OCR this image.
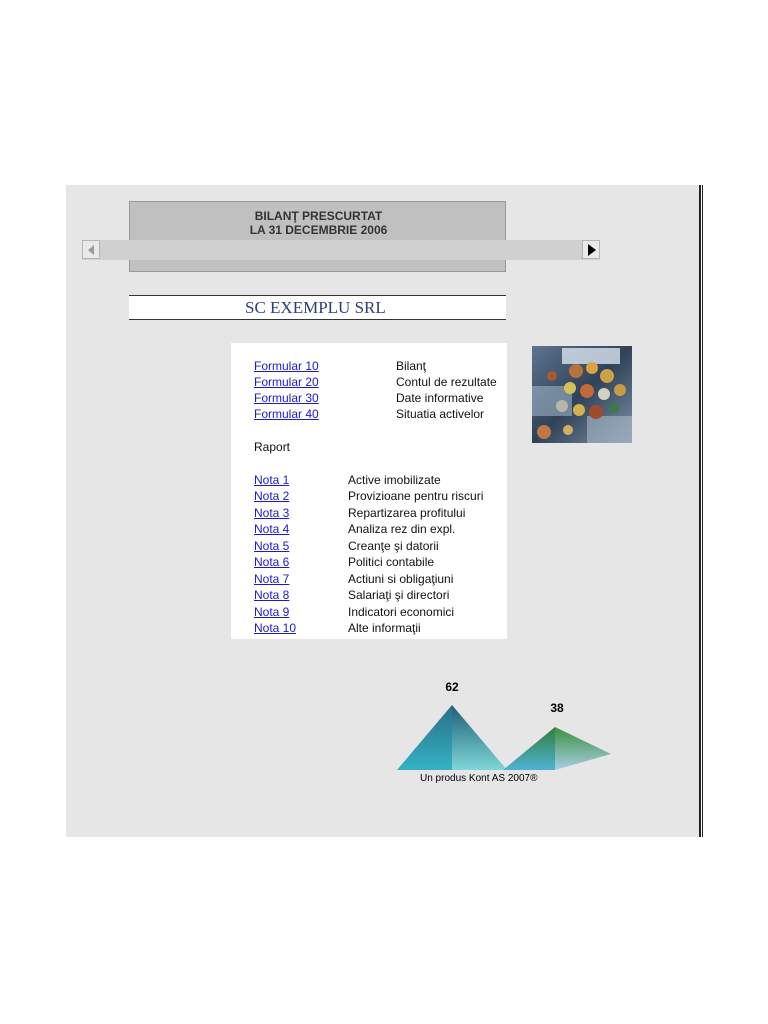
BILANŢ PRESCURTAT
LA 31 DECEMBRIE 2006
SC EXEMPLU SRL
Formular 10	Bilanţ
Formular 20	Contul de rezultate
Formular 30	Date informative
Formular 40	Situatia activelor
Raport
Nota 1	Active imobilizate
Nota 2	Provizioane pentru riscuri
Nota 3	Repartizarea profitului
Nota 4	Analiza rez din expl.
Nota 5	Creanţe şi datorii
Nota 6	Politici contabile
Nota 7	Actiuni si obligaţiuni
Nota 8	Salariaţi şi directori
Nota 9	Indicatori economici
Nota 10	Alte informaţii
62
38
Un produs Kont AS 2007®
